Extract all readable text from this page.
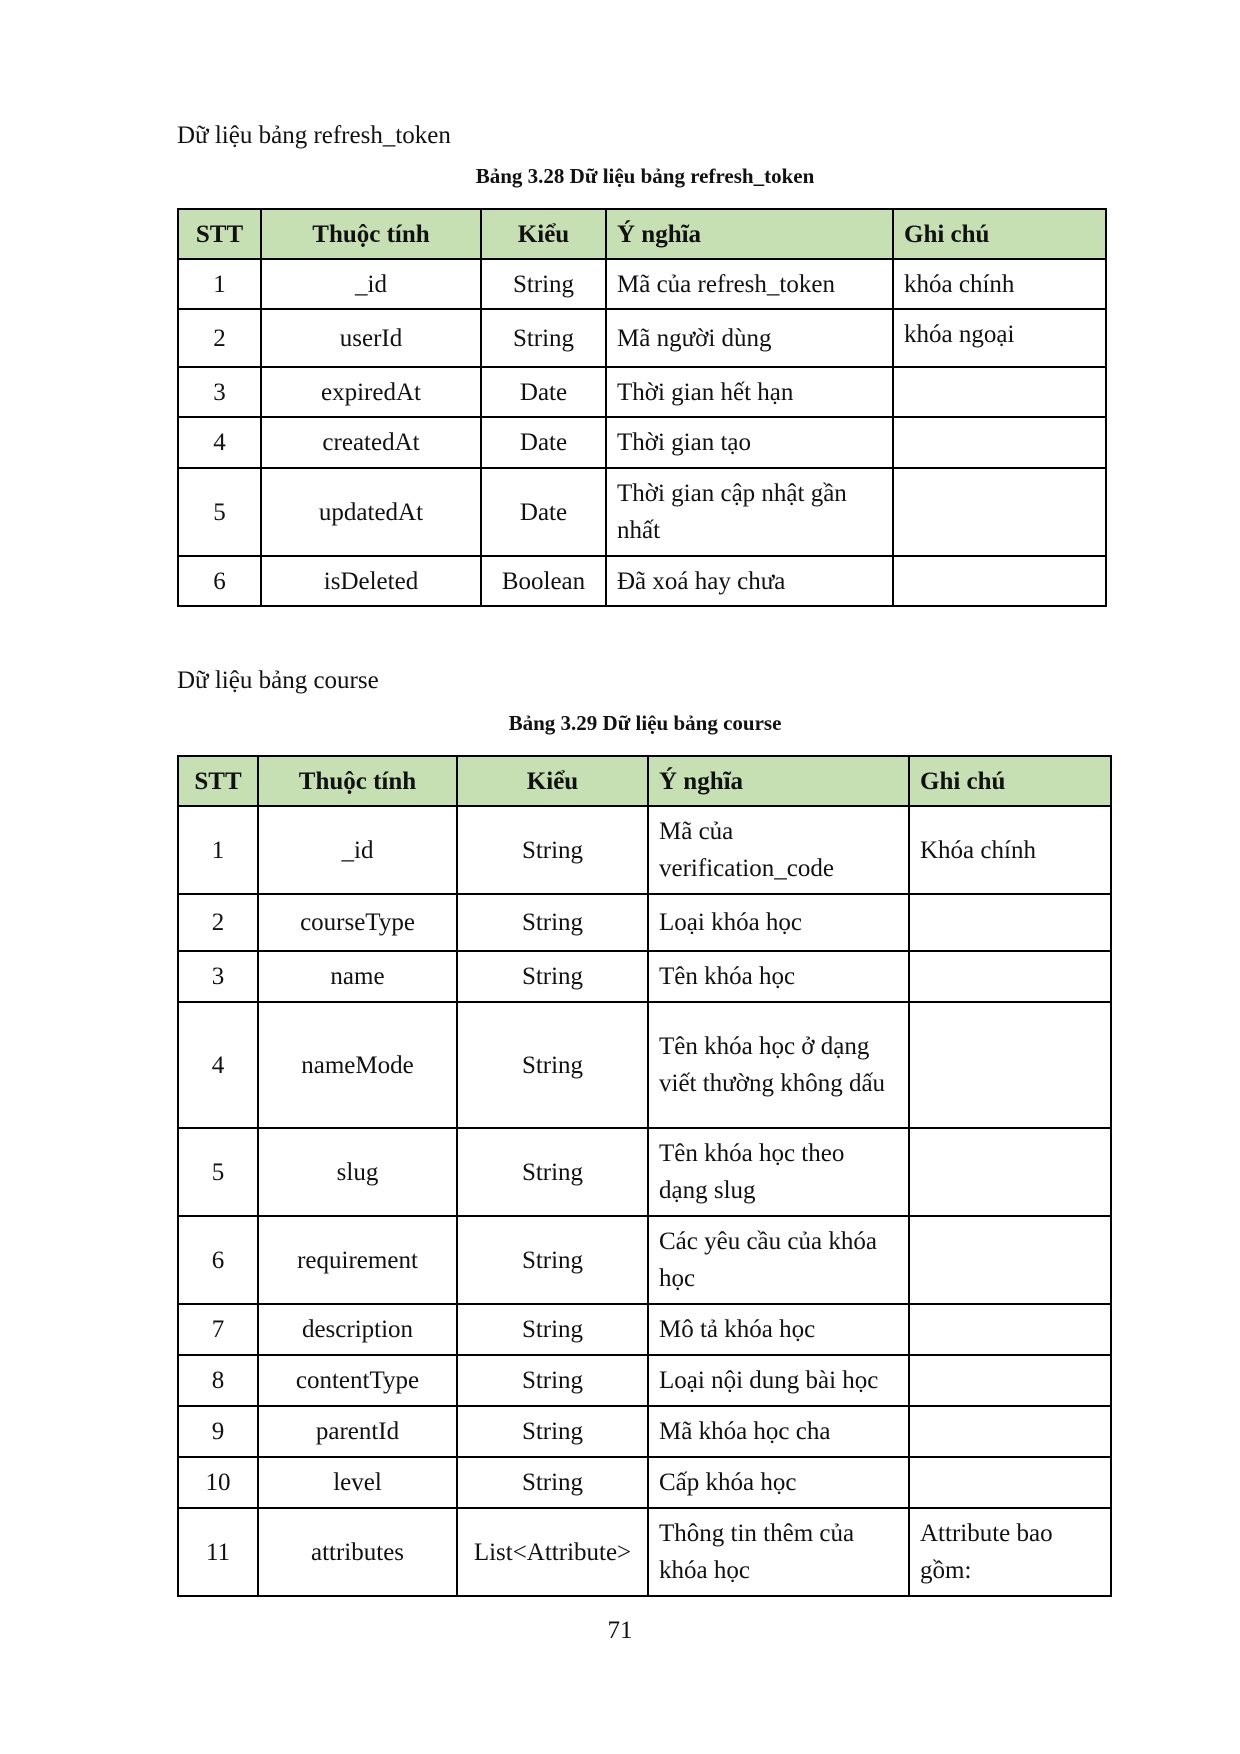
Dữ liệu bảng refresh_token
Bảng 3.28 Dữ liệu bảng refresh_token
STT	Thuộc tính	Kiểu	Ý nghĩa	Ghi chú
1	_id	String	Mã của refresh_token	khóa chính
2	userId	String	Mã người dùng	khóa ngoại
3	expiredAt	Date	Thời gian hết hạn	
4	createdAt	Date	Thời gian tạo	
5	updatedAt	Date	Thời gian cập nhật gần nhất	
6	isDeleted	Boolean	Đã xoá hay chưa	
Dữ liệu bảng course
Bảng 3.29 Dữ liệu bảng course
STT	Thuộc tính	Kiểu	Ý nghĩa	Ghi chú
1	_id	String	Mã của verification_code	Khóa chính
2	courseType	String	Loại khóa học	
3	name	String	Tên khóa học	
4	nameMode	String	Tên khóa học ở dạng viết thường không dấu	
5	slug	String	Tên khóa học theo dạng slug	
6	requirement	String	Các yêu cầu của khóa học	
7	description	String	Mô tả khóa học	
8	contentType	String	Loại nội dung bài học	
9	parentId	String	Mã khóa học cha	
10	level	String	Cấp khóa học	
11	attributes	List<Attribute>	Thông tin thêm của khóa học	Attribute bao gồm:
71
